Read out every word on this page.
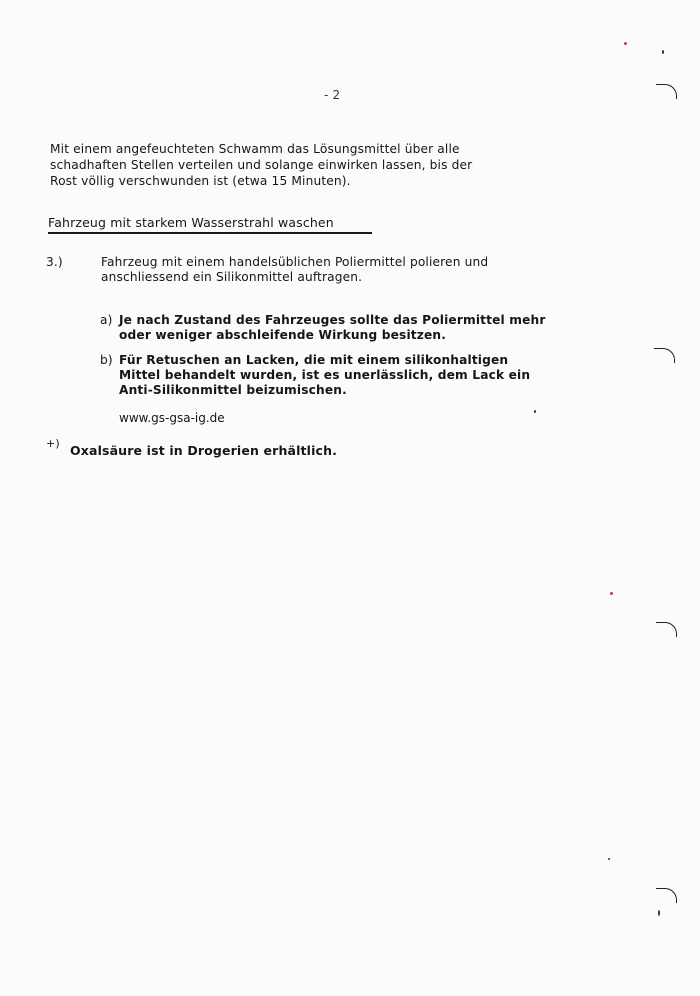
- 2
Mit einem angefeuchteten Schwamm das Lösungsmittel über alle
schadhaften Stellen verteilen und solange einwirken lassen, bis der
Rost völlig verschwunden ist (etwa 15 Minuten).
Fahrzeug mit starkem Wasserstrahl waschen
3.)	Fahrzeug mit einem handelsüblichen Poliermittel polieren und
anschliessend ein Silikonmittel auftragen.
a) Je nach Zustand des Fahrzeuges sollte das Poliermittel mehr
oder weniger abschleifende Wirkung besitzen.
b) Für Retuschen an Lacken, die mit einem silikonhaltigen
Mittel behandelt wurden, ist es unerlässlich, dem Lack ein
Anti-Silikonmittel beizumischen.
www.gs-gsa-ig.de
+) Oxalsäure ist in Drogerien erhältlich.
